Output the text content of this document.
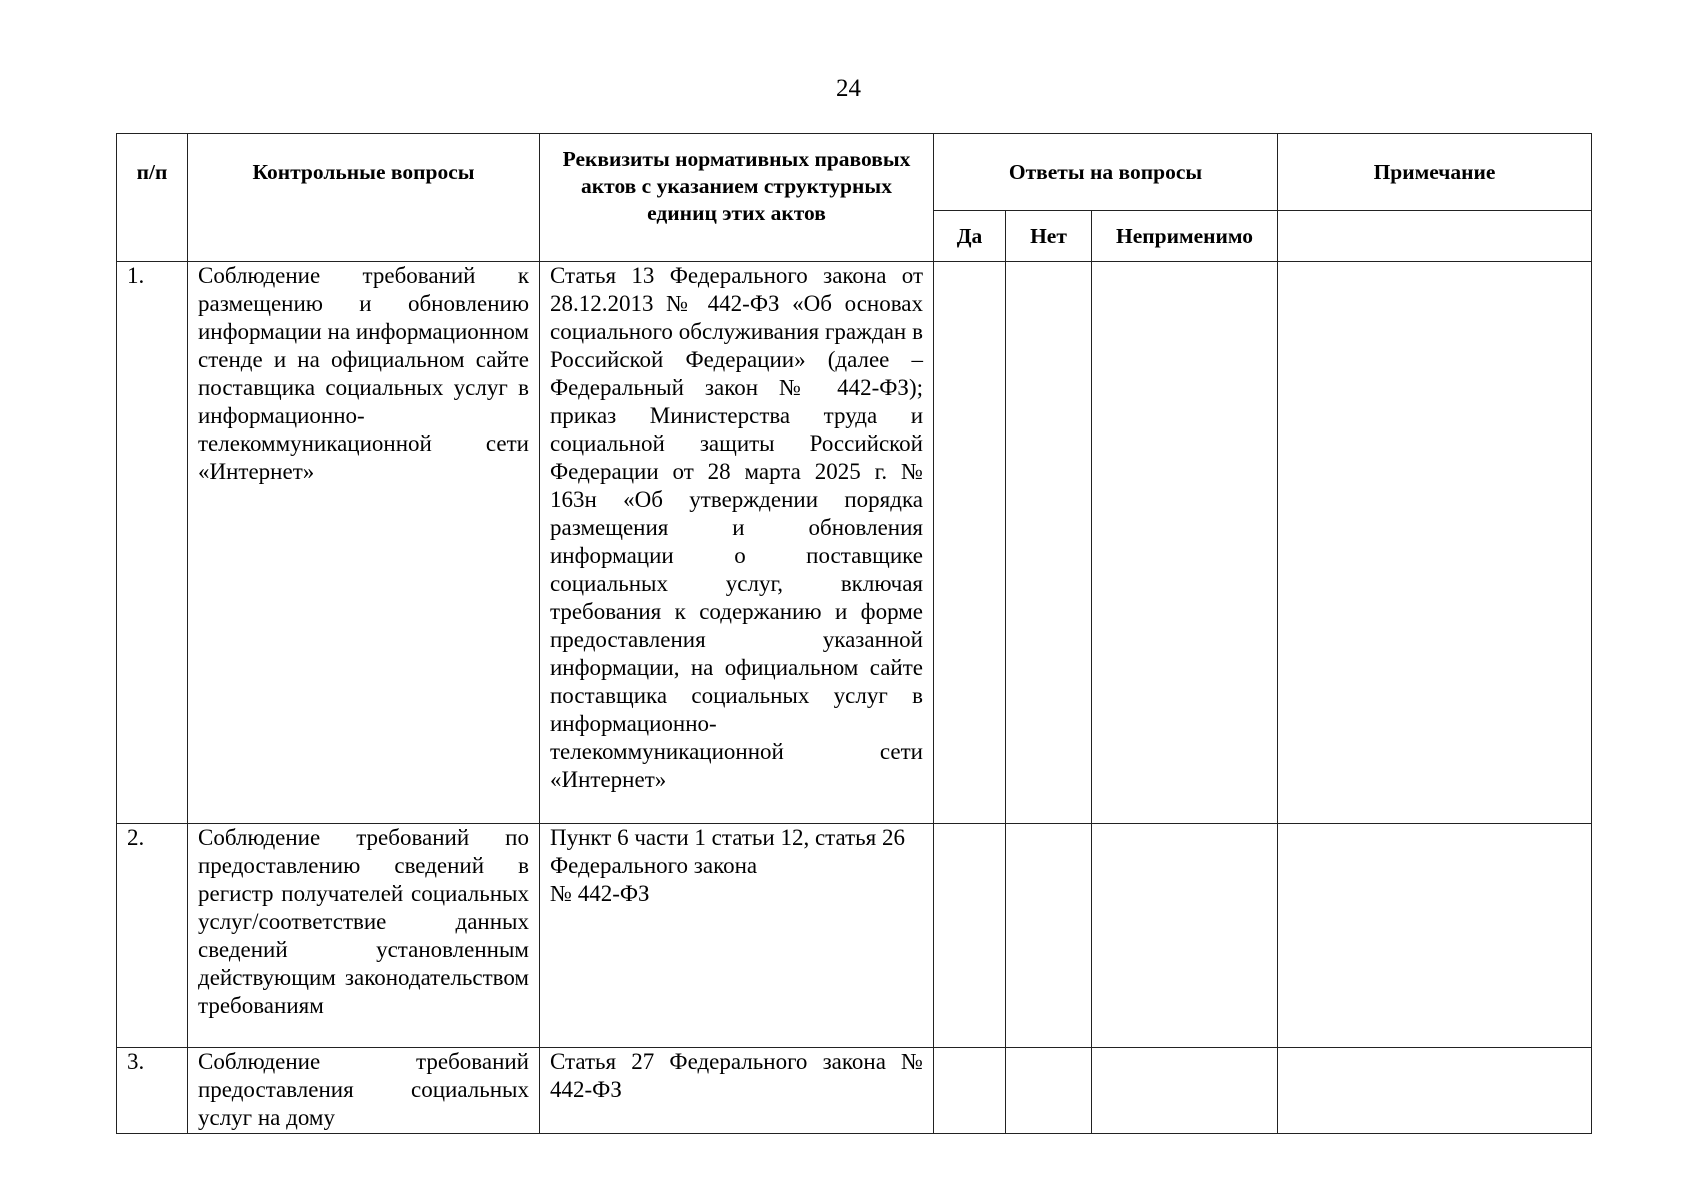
24
п/п	Контрольные вопросы	Реквизиты нормативных правовых актов с указанием структурных единиц этих актов	Ответы на вопросы			Примечание
			Да	Нет	Неприменимо	
1.	Соблюдение требований к размещению и обновлению информации на информационном стенде и на официальном сайте поставщика социальных услуг в информационно-телекоммуникационной сети «Интернет»	Статья 13 Федерального закона от 28.12.2013 № 442-ФЗ «Об основах социального обслуживания граждан в Российской Федерации» (далее – Федеральный закон № 442-ФЗ); приказ Министерства труда и социальной защиты Российской Федерации от 28 марта 2025 г. № 163н «Об утверждении порядка размещения и обновления информации о поставщике социальных услуг, включая требования к содержанию и форме предоставления указанной информации, на официальном сайте поставщика социальных услуг в информационно-телекоммуникационной сети «Интернет»				
2.	Соблюдение требований по предоставлению сведений в регистр получателей социальных услуг/соответствие данных сведений установленным действующим законодательством требованиям	Пункт 6 части 1 статьи 12, статья 26
Федерального закона
№ 442-ФЗ				

3.	Соблюдение требований предоставления социальных услуг на дому	Статья 27 Федерального закона № 442-ФЗ				
